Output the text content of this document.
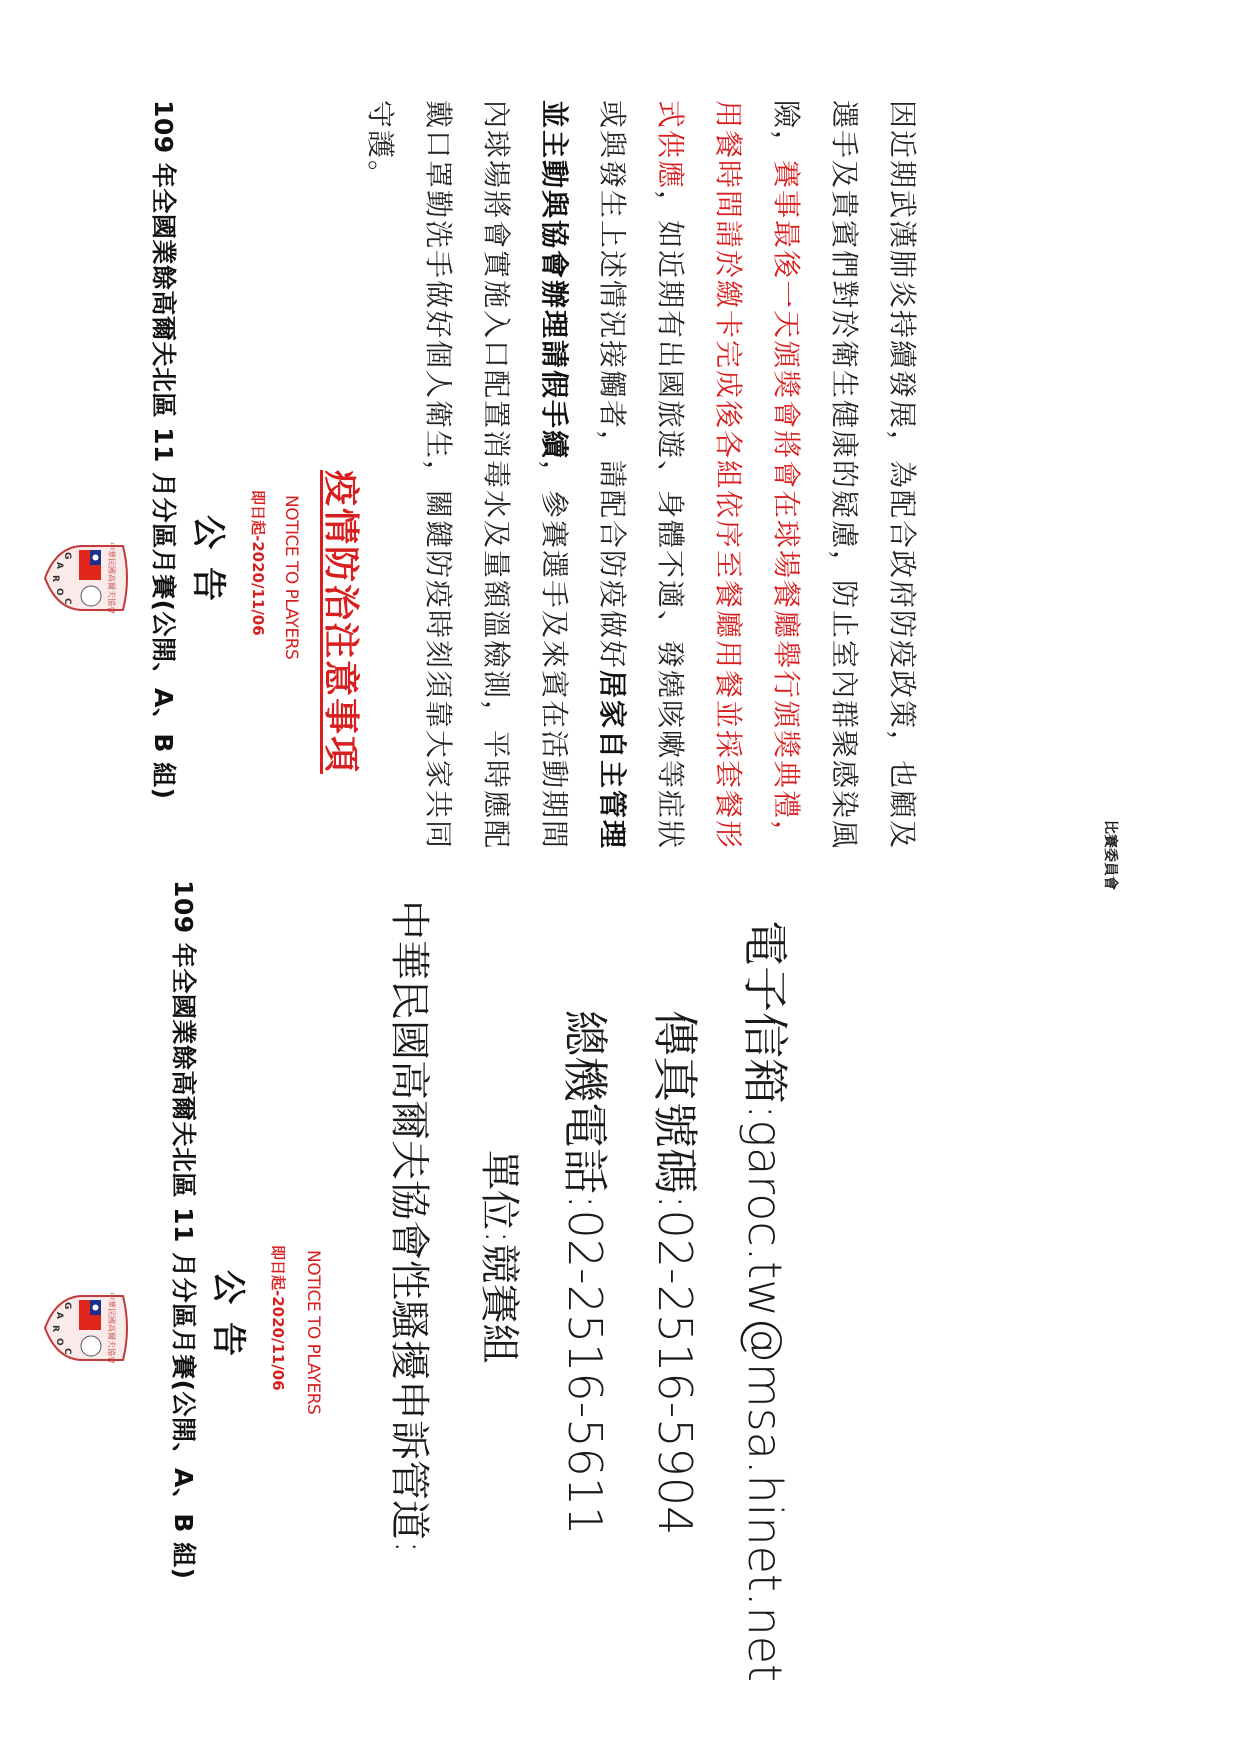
中華民國高爾夫協會
G
A
R
O
C	109 年全國業餘高爾夫北區 11 月分區月賽(公開、A、B 組) 公告	即日起-2020/11/06 NOTICE TO PLAYERS 疫情防治注意事項	因近期武漢肺炎持續發展，為配合政府防疫政策，也顧及選手及貴賓們對於衛生健康的疑慮，防止室內群聚感染風險，賽事最後一天頒獎會將會在球場餐廳舉行頒獎典禮，用餐時間請於繳卡完成後各組依序至餐廳用餐並採套餐形式供應，如近期有出國旅遊、身體不適、發燒咳嗽等症狀或與發生上述情況接觸者，請配合防疫做好居家自主管理並主動與協會辦理請假手續，參賽選手及來賓在活動期間內球場將會實施入口配置消毒水及量額溫檢測，平時應配戴口罩勤洗手做好個人衛生，關鍵防疫時刻須靠大家共同守護。
比賽委員會
中華民國高爾夫協會
G
A
R
O
C	109 年全國業餘高爾夫北區 11 月分區月賽(公開、A、B 組) 公告	即日起-2020/11/06 NOTICE TO PLAYERS 中華民國高爾夫協會性騷擾申訴管道: 單位:競賽組 總機電話:02-2516-5611 傳真號碼:02-2516-5904 電子信箱:garoc.tw@msa.hinet.net
